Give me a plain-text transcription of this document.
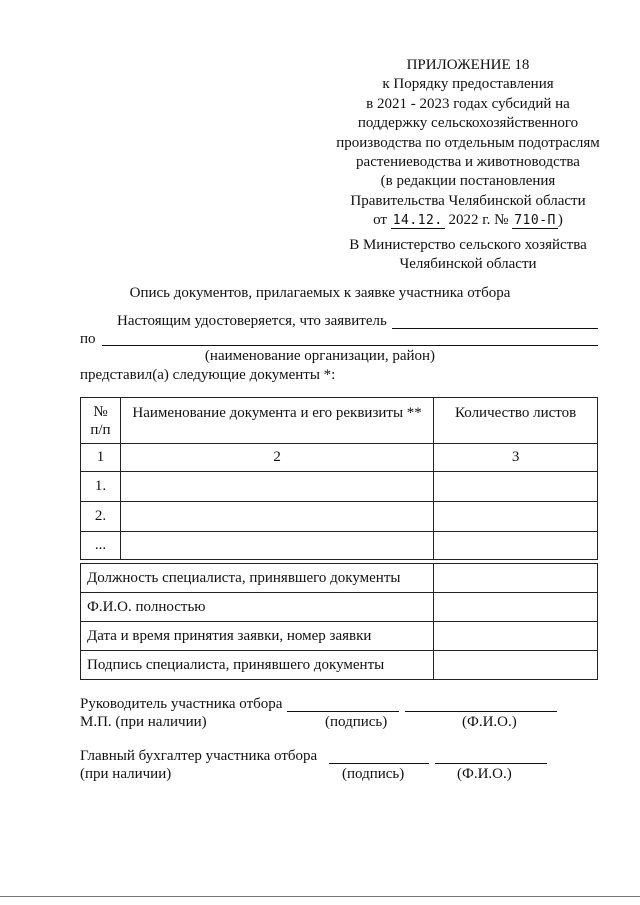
ПРИЛОЖЕНИЕ 18
к Порядку предоставления
в 2021 - 2023 годах субсидий на
поддержку сельскохозяйственного
производства по отдельным подотраслям
растениеводства и животноводства
(в редакции постановления
Правительства Челябинской области
от 14.12. 2022 г. № 710-П )
В Министерство сельского хозяйства
Челябинской области
Опись документов, прилагаемых к заявке участника отбора
Настоящим удостоверяется, что заявитель
по
(наименование организации, район)
представил(а) следующие документы *:
№ п/п	Наименование документа и его реквизиты **	Количество листов
1	2	3
1.		
2.		
...		
Должность специалиста, принявшего документы	
Ф.И.О. полностью	
Дата и время принятия заявки, номер заявки	
Подпись специалиста, принявшего документы	
Руководитель участника отбора
М.П. (при наличии)	(подпись)	(Ф.И.О.)
Главный бухгалтер участника отбора
(при наличии)	(подпись)	(Ф.И.О.)
